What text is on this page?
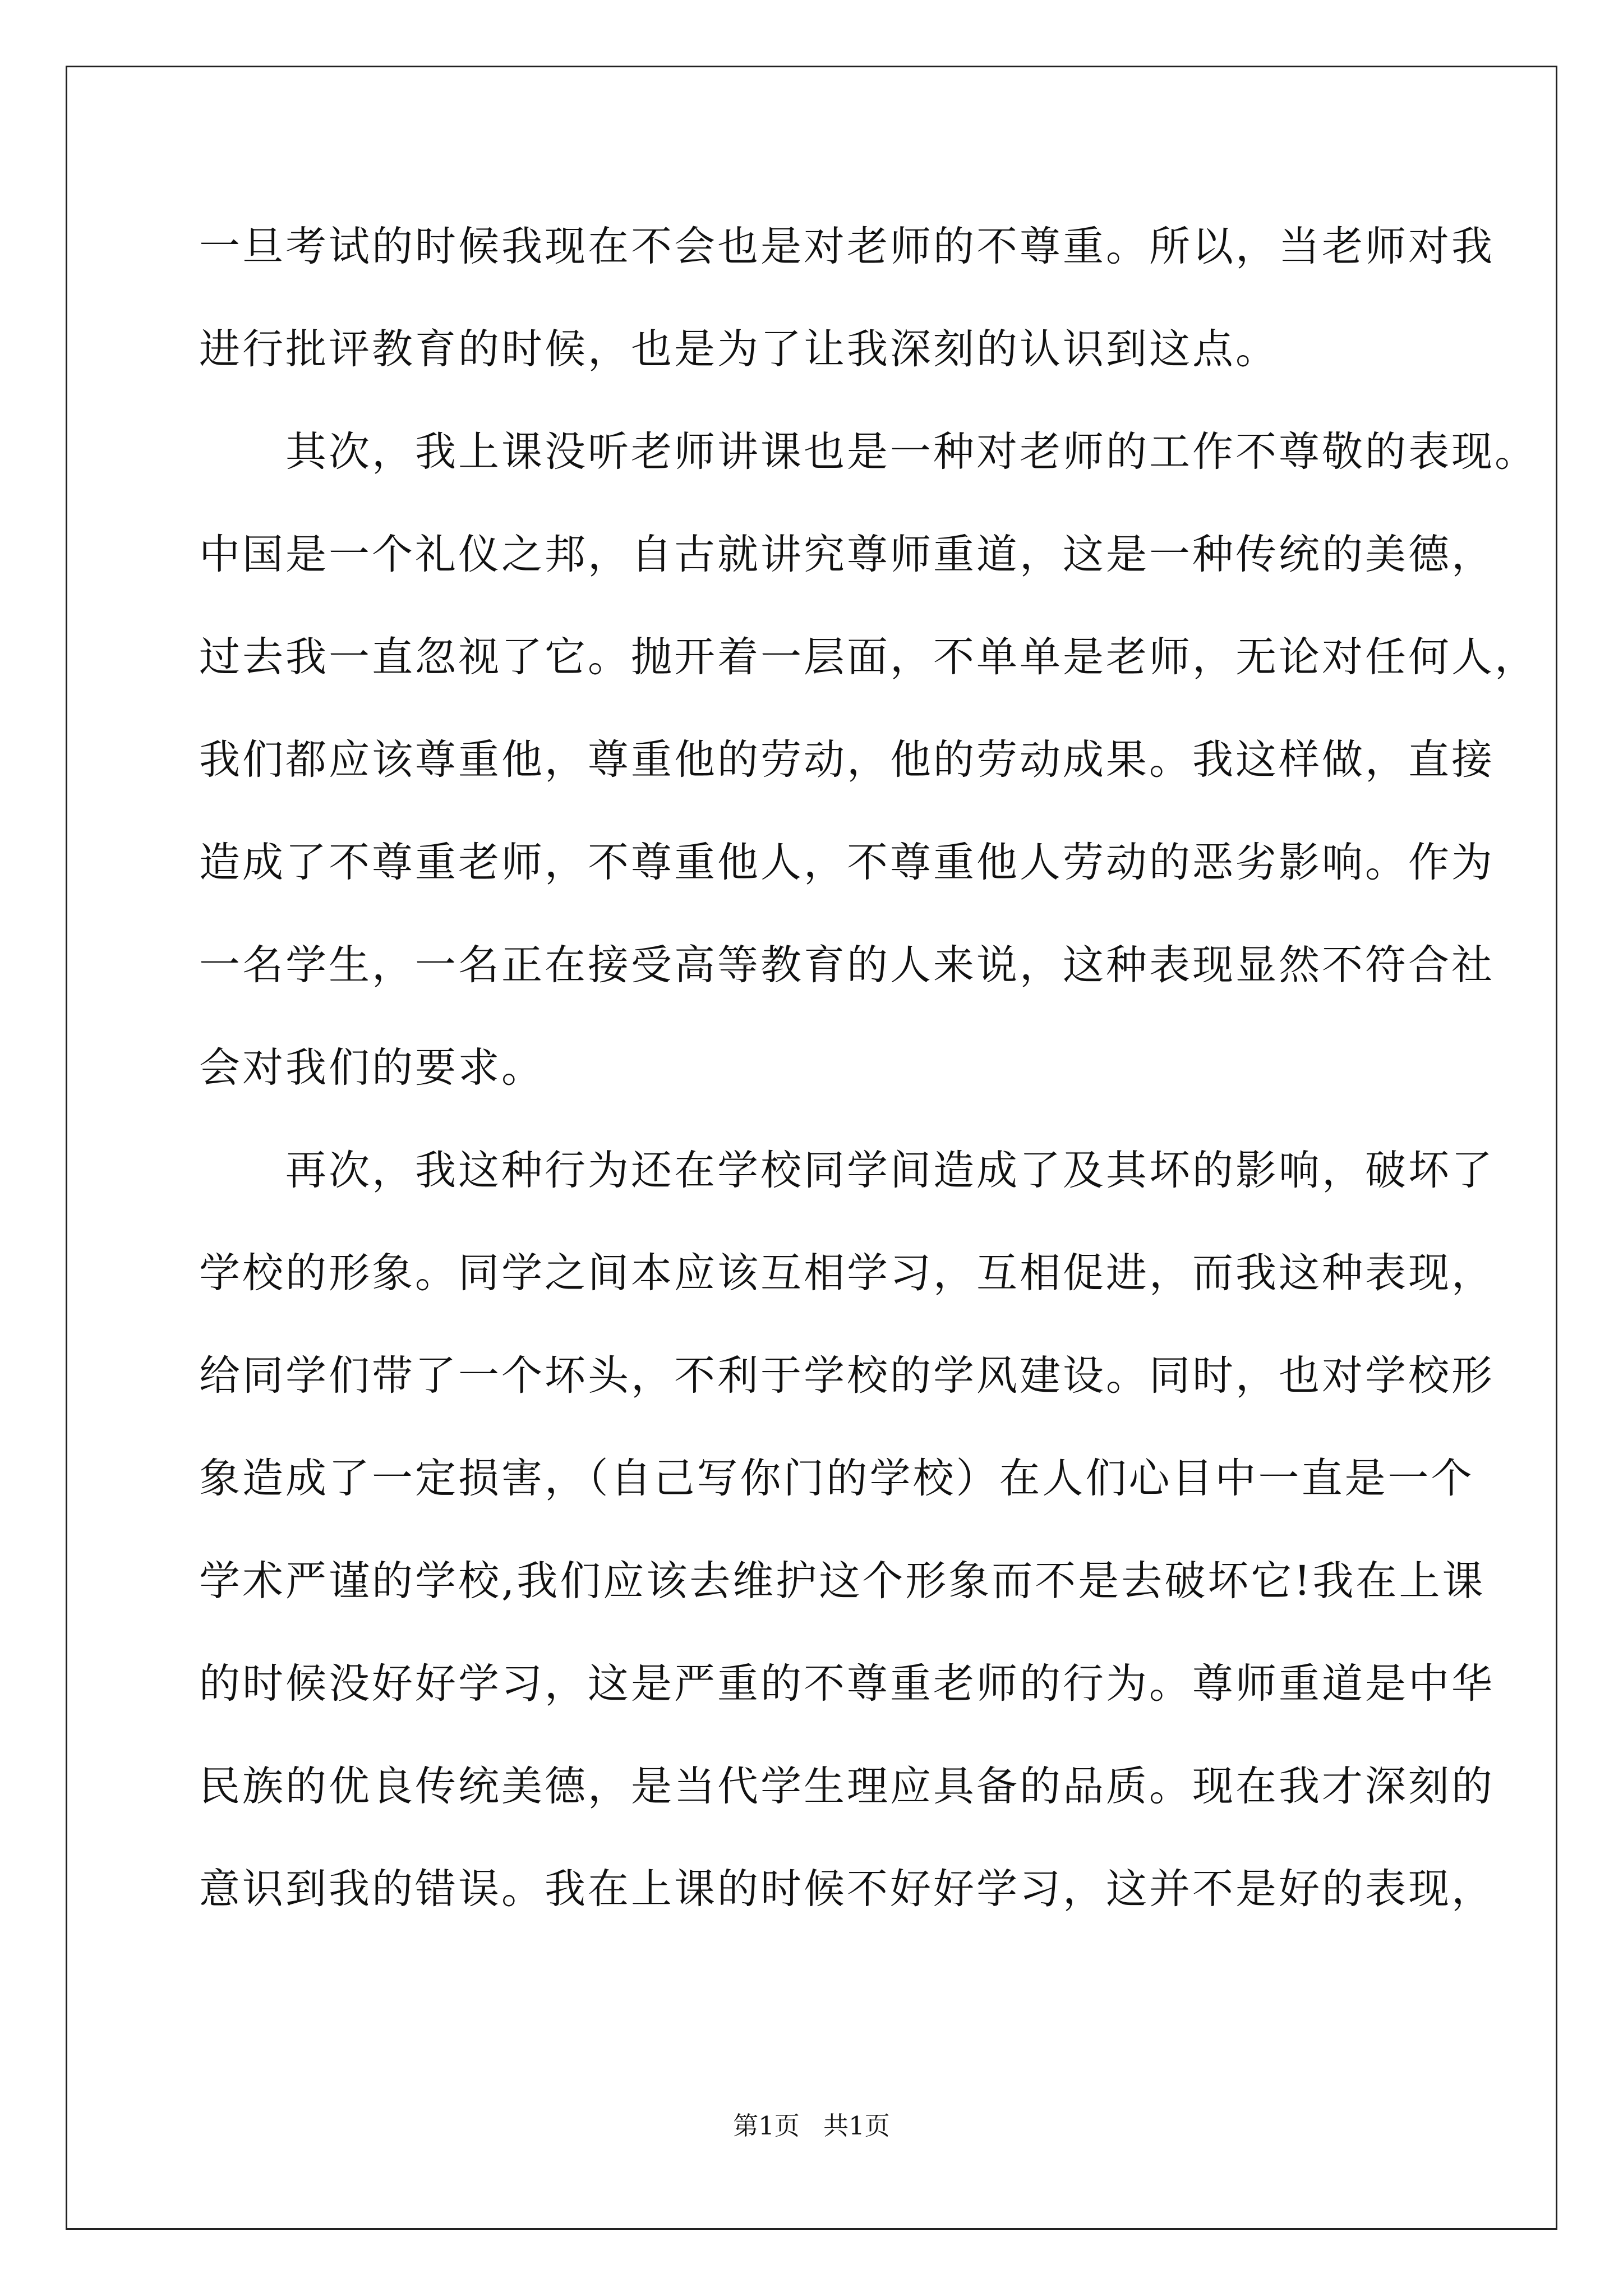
一旦考试的时候我现在不会也是对老师的不尊重。所以，当老师对我
进行批评教育的时候，也是为了让我深刻的认识到这点。
　　其次，我上课没听老师讲课也是一种对老师的工作不尊敬的表现。
中国是一个礼仪之邦，自古就讲究尊师重道，这是一种传统的美德，
过去我一直忽视了它。抛开着一层面，不单单是老师，无论对任何人，
我们都应该尊重他，尊重他的劳动，他的劳动成果。我这样做，直接
造成了不尊重老师，不尊重他人，不尊重他人劳动的恶劣影响。作为
一名学生，一名正在接受高等教育的人来说，这种表现显然不符合社
会对我们的要求。
　　再次，我这种行为还在学校同学间造成了及其坏的影响，破坏了
学校的形象。同学之间本应该互相学习，互相促进，而我这种表现，
给同学们带了一个坏头，不利于学校的学风建设。同时，也对学校形
象造成了一定损害，（自己写你门的学校）在人们心目中一直是一个
学术严谨的学校,我们应该去维护这个形象而不是去破坏它!我在上课
的时候没好好学习，这是严重的不尊重老师的行为。尊师重道是中华
民族的优良传统美德，是当代学生理应具备的品质。现在我才深刻的
意识到我的错误。我在上课的时候不好好学习，这并不是好的表现，
第1页 共1页
